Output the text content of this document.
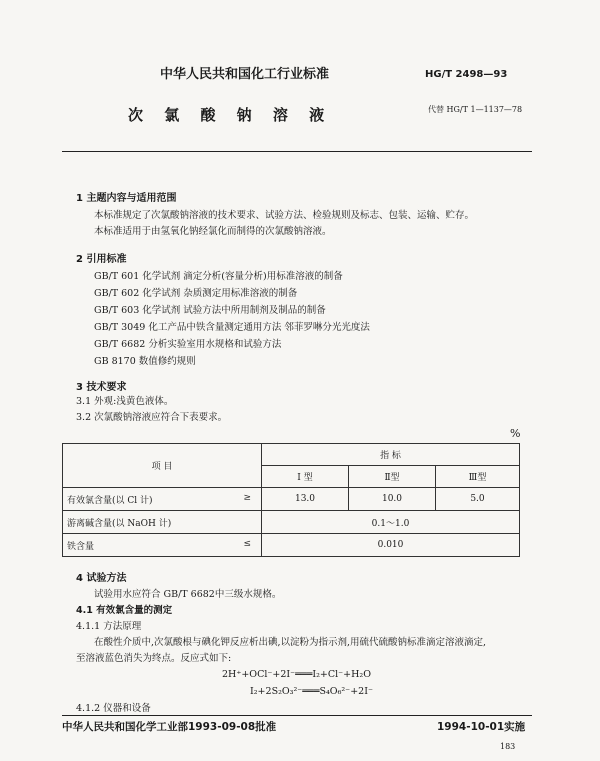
中华人民共和国化工行业标准	HG/T 2498—93
次 氯 酸 钠 溶 液	代替 HG/T 1—1137—78
1 主题内容与适用范围
本标准规定了次氯酸钠溶液的技术要求、试验方法、检验规则及标志、包装、运输、贮存。
本标准适用于由氢氧化钠经氯化而制得的次氯酸钠溶液。
2 引用标准
GB/T 601 化学试剂 滴定分析(容量分析)用标准溶液的制备
GB/T 602 化学试剂 杂质测定用标准溶液的制备
GB/T 603 化学试剂 试验方法中所用制剂及制品的制备
GB/T 3049 化工产品中铁含量测定通用方法 邻菲罗啉分光光度法
GB/T 6682 分析实验室用水规格和试验方法
GB 8170 数值修约规则
3 技术要求
3.1 外观:浅黄色液体。
3.2 次氯酸钠溶液应符合下表要求。
%
项 目	指 标		
	I 型	Ⅱ型	Ⅲ型
有效氯含量(以 Cl 计) ≥	13.0	10.0	5.0
游离碱含量(以 NaOH 计)	0.1～1.0		
铁含量 ≤	0.010		
4 试验方法
试验用水应符合 GB/T 6682中三级水规格。
4.1 有效氯含量的测定
4.1.1 方法原理
在酸性介质中,次氯酸根与碘化钾反应析出碘,以淀粉为指示剂,用硫代硫酸钠标准滴定溶液滴定,
至溶液蓝色消失为终点。反应式如下:
2H⁺+OCl⁻+2I⁻═══I₂+Cl⁻+H₂O
I₂+2S₂O₃²⁻═══S₄O₆²⁻+2I⁻
4.1.2 仪器和设备
中华人民共和国化学工业部1993-09-08批准	1994-10-01实施
183
